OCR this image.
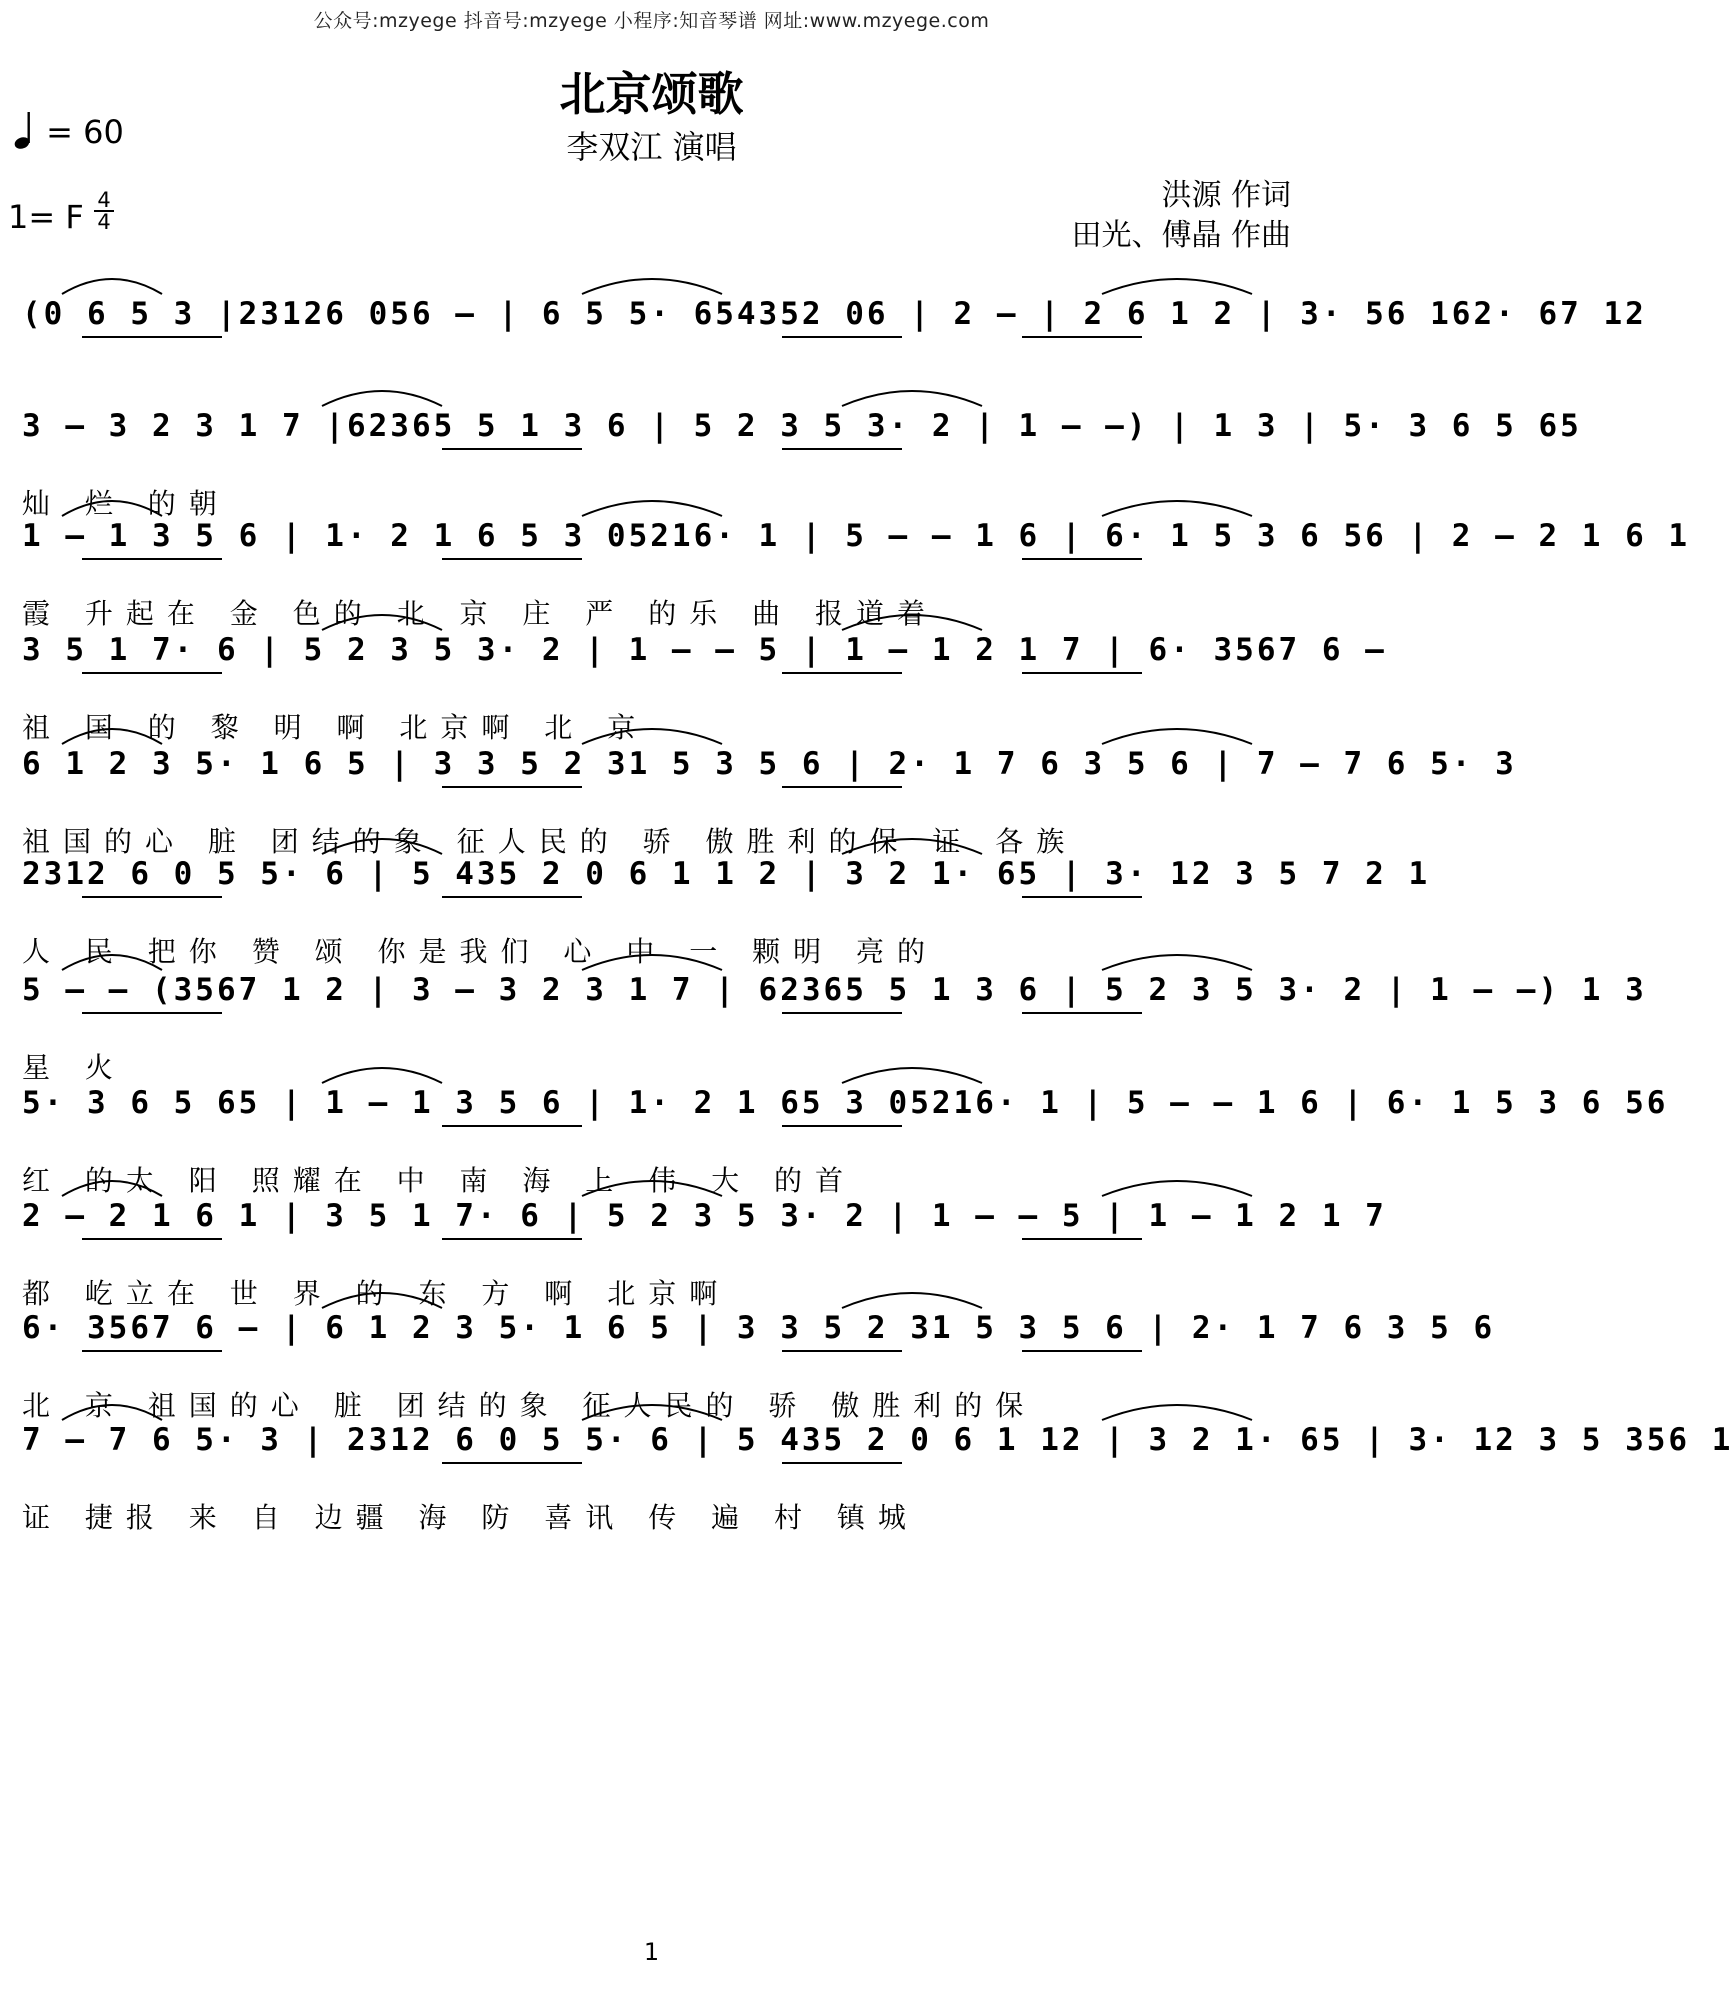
公众号:mzyege 抖音号:mzyege 小程序:知音琴谱 网址:www.mzyege.com
北京颂歌
李双江 演唱
= 60
1= F 4
4
洪源 作词
田光、傅晶 作曲
(0 6 5 3 |23126 056 — | 6 5 5· 654352 06 | 2 — | 2 6 1 2 | 3· 56 162· 67 12
3 — 3 2 3 1 7 |62365 5 1 3 6 | 5 2 3 5 3· 2 | 1 — —) | 1 3 | 5· 3 6 5 65
灿 烂 的朝
1 — 1 3 5 6 | 1· 2 1 6 5 3 05216· 1 | 5 — — 1 6 | 6· 1 5 3 6 56 | 2 — 2 1 6 1
霞 升起在 金 色的 北 京 庄 严 的乐 曲 报道着
3 5 1 7· 6 | 5 2 3 5 3· 2 | 1 — — 5 | 1 — 1 2 1 7 | 6· 3567 6 —
祖 国 的 黎 明 啊 北京啊 北 京
6 1 2 3 5· 1 6 5 | 3 3 5 2 31 5 3 5 6 | 2· 1 7 6 3 5 6 | 7 — 7 6 5· 3
祖国的心 脏 团结的象 征人民的 骄 傲胜利的保 证 各族
2312 6 0 5 5· 6 | 5 435 2 0 6 1 1 2 | 3 2 1· 65 | 3· 12 3 5 7 2 1
人 民 把你 赞 颂 你是我们 心 中 一 颗明 亮的
5 — — (3567 1 2 | 3 — 3 2 3 1 7 | 62365 5 1 3 6 | 5 2 3 5 3· 2 | 1 — —) 1 3
星 火
5· 3 6 5 65 | 1 — 1 3 5 6 | 1· 2 1 65 3 05216· 1 | 5 — — 1 6 | 6· 1 5 3 6 56
红 的太 阳 照耀在 中 南 海 上 伟 大 的首
2 — 2 1 6 1 | 3 5 1 7· 6 | 5 2 3 5 3· 2 | 1 — — 5 | 1 — 1 2 1 7
都 屹立在 世 界 的 东 方 啊 北京啊
6· 3567 6 — | 6 1 2 3 5· 1 6 5 | 3 3 5 2 31 5 3 5 6 | 2· 1 7 6 3 5 6
北 京 祖国的心 脏 团结的象 征人民的 骄 傲胜利的保
7 — 7 6 5· 3 | 2312 6 0 5 5· 6 | 5 435 2 0 6 1 12 | 3 2 1· 65 | 3· 12 3 5 356 1
证 捷报 来 自 边疆 海 防 喜讯 传 遍 村 镇城
1
